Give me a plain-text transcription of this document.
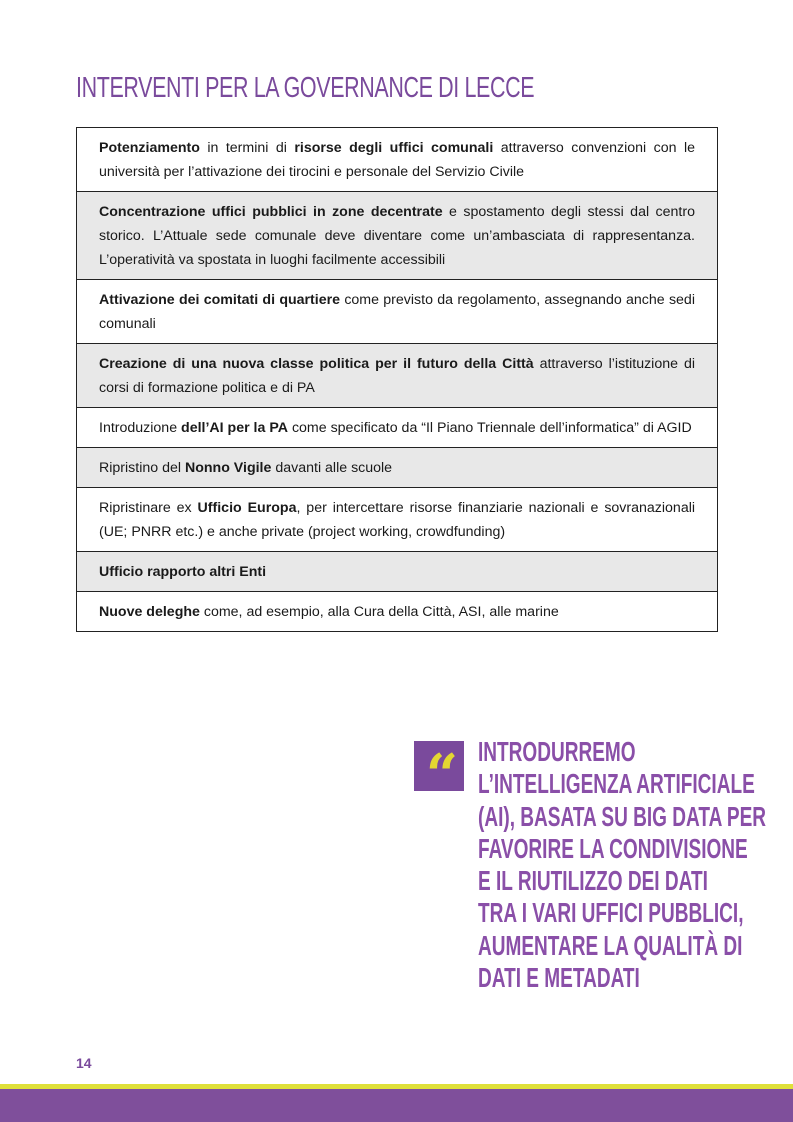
INTERVENTI PER LA GOVERNANCE DI LECCE
Potenziamento in termini di risorse degli uffici comunali attraverso convenzioni con le università per l’attivazione dei tirocini e personale del Servizio Civile
Concentrazione uffici pubblici in zone decentrate e spostamento degli stessi dal centro storico. L’Attuale sede comunale deve diventare come un’ambasciata di rappresentanza. L’operatività va spostata in luoghi facilmente accessibili
Attivazione dei comitati di quartiere come previsto da regolamento, assegnando anche sedi comunali
Creazione di una nuova classe politica per il futuro della Città attraverso l’istituzione di corsi di formazione politica e di PA
Introduzione dell’AI per la PA come specificato da “Il Piano Triennale dell’informatica” di AGID
Ripristino del Nonno Vigile davanti alle scuole
Ripristinare ex Ufficio Europa, per intercettare risorse finanziarie nazionali e sovranazionali (UE; PNRR etc.) e anche private (project working, crowdfunding)
Ufficio rapporto altri Enti
Nuove deleghe come, ad esempio, alla Cura della Città, ASI, alle marine
“ INTRODURREMO
L’INTELLIGENZA ARTIFICIALE
(AI), BASATA SU BIG DATA PER
FAVORIRE LA CONDIVISIONE
E IL RIUTILIZZO DEI DATI
TRA I VARI UFFICI PUBBLICI,
AUMENTARE LA QUALITÀ DI
DATI E METADATI
14
